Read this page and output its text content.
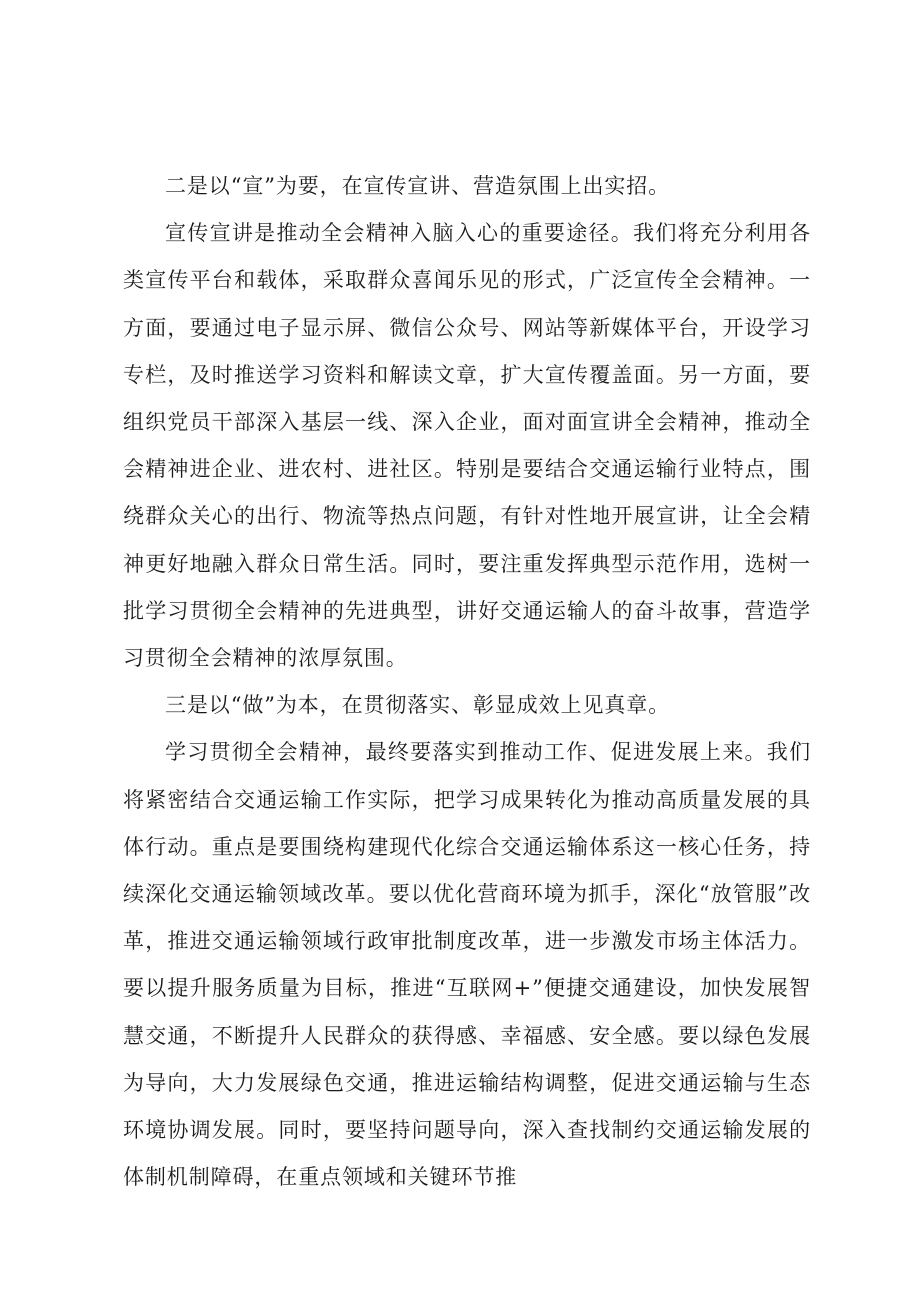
二是以“宣”为要，在宣传宣讲、营造氛围上出实招。

宣传宣讲是推动全会精神入脑入心的重要途径。我们将充分利用各类宣传平台和载体，采取群众喜闻乐见的形式，广泛宣传全会精神。一方面，要通过电子显示屏、微信公众号、网站等新媒体平台，开设学习专栏，及时推送学习资料和解读文章，扩大宣传覆盖面。另一方面，要组织党员干部深入基层一线、深入企业，面对面宣讲全会精神，推动全会精神进企业、进农村、进社区。特别是要结合交通运输行业特点，围绕群众关心的出行、物流等热点问题，有针对性地开展宣讲，让全会精神更好地融入群众日常生活。同时，要注重发挥典型示范作用，选树一批学习贯彻全会精神的先进典型，讲好交通运输人的奋斗故事，营造学习贯彻全会精神的浓厚氛围。

三是以“做”为本，在贯彻落实、彰显成效上见真章。

学习贯彻全会精神，最终要落实到推动工作、促进发展上来。我们将紧密结合交通运输工作实际，把学习成果转化为推动高质量发展的具体行动。重点是要围绕构建现代化综合交通运输体系这一核心任务，持续深化交通运输领域改革。要以优化营商环境为抓手，深化“放管服”改革，推进交通运输领域行政审批制度改革，进一步激发市场主体活力。要以提升服务质量为目标，推进“互联网+”便捷交通建设，加快发展智慧交通，不断提升人民群众的获得感、幸福感、安全感。要以绿色发展为导向，大力发展绿色交通，推进运输结构调整，促进交通运输与生态环境协调发展。同时，要坚持问题导向，深入查找制约交通运输发展的体制机制障碍，在重点领域和关键环节推
